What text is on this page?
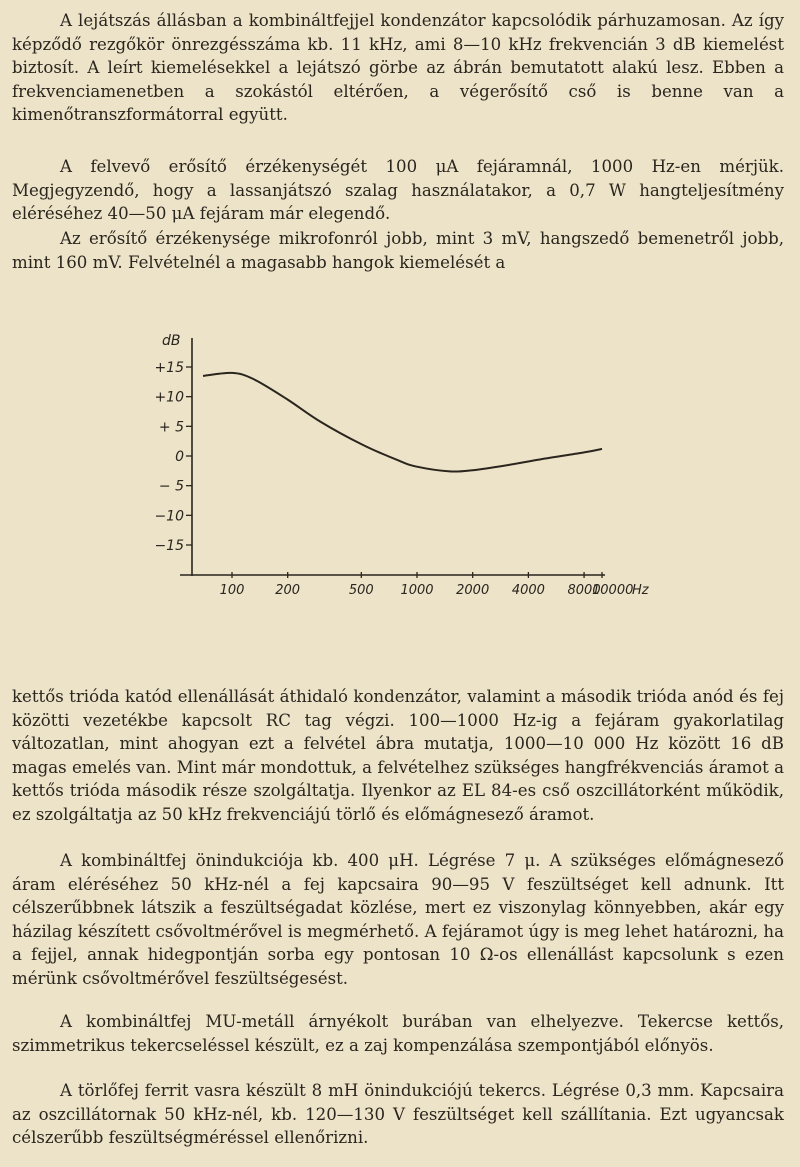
A lejátszás állásban a kombináltfejjel kondenzátor kapcsolódik párhuzamosan. Az így képződő rezgőkör önrezgésszáma kb. 11 kHz, ami 8—10 kHz frekvencián 3 dB kiemelést biztosít. A leírt kiemelésekkel a lejátszó görbe az ábrán bemutatott alakú lesz. Ebben a frekvenciamenetben a szokástól eltérően, a végerősítő cső is benne van a kimenőtranszformátorral együtt.

A felvevő erősítő érzékenységét 100 μA fejáramnál, 1000 Hz-en mérjük. Megjegyzendő, hogy a lassanjátszó szalag használatakor, a 0,7 W hangteljesítmény eléréséhez 40—50 μA fejáram már elegendő.

Az erősítő érzékenysége mikrofonról jobb, mint 3 mV, hangszedő bemenetről jobb, mint 160 mV. Felvételnél a magasabb hangok kiemelését a

dB
+15
+10
+ 5
0
− 5
−10
−15
100 200	500 1000 2000 4000 8000
10000
Hz

kettős trióda katód ellenállását áthidaló kondenzátor, valamint a második trióda anód és fej közötti vezetékbe kapcsolt RC tag végzi. 100—1000 Hz-ig a fejáram gyakorlatilag változatlan, mint ahogyan ezt a felvétel ábra mutatja, 1000—10 000 Hz között 16 dB magas emelés van. Mint már mondottuk, a felvételhez szükséges hangfrékvenciás áramot a kettős trióda második része szolgáltatja. Ilyenkor az EL 84-es cső oszcillátorként működik, ez szolgáltatja az 50 kHz frekvenciájú törlő és előmágnesező áramot.

A kombináltfej önindukciója kb. 400 μH. Légrése 7 μ. A szükséges előmágnesező áram eléréséhez 50 kHz-nél a fej kapcsaira 90—95 V feszültséget kell adnunk. Itt célszerűbbnek látszik a feszültségadat közlése, mert ez viszonylag könnyebben, akár egy házilag készített csővoltmérővel is megmérhető. A fejáramot úgy is meg lehet határozni, ha a fejjel, annak hidegpontján sorba egy pontosan 10 Ω-os ellenállást kapcsolunk s ezen mérünk csővoltmérővel feszültségesést.

A kombináltfej MU-metáll árnyékolt burában van elhelyezve. Tekercse kettős, szimmetrikus tekercseléssel készült, ez a zaj kompenzálása szempontjából előnyös.

A törlőfej ferrit vasra készült 8 mH önindukciójú tekercs. Légrése 0,3 mm. Kapcsaira az oszcillátornak 50 kHz-nél, kb. 120—130 V feszültséget kell szállítania. Ezt ugyancsak célszerűbb feszültségméréssel ellenőrizni.
